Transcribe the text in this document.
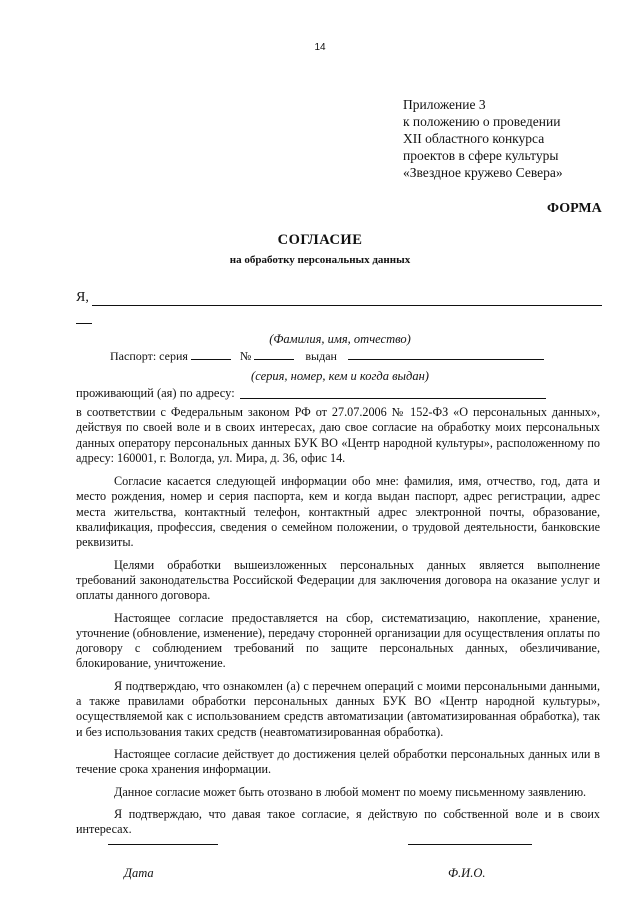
14
Приложение 3
к положению о проведении
XII областного конкурса
проектов в сфере культуры
«Звездное кружево Севера»
ФОРМА
СОГЛАСИЕ
на обработку персональных данных
Я,
(Фамилия, имя, отчество)
Паспорт: серия	№	выдан
(серия, номер, кем и когда выдан)
проживающий (ая) по адресу:

в соответствии с Федеральным законом РФ от 27.07.2006 № 152-ФЗ «О персональных данных», действуя по своей воле и в своих интересах, даю свое согласие на обработку моих персональных данных оператору персональных данных БУК ВО «Центр народной культуры», расположенному по адресу: 160001, г. Вологда, ул. Мира, д. 36, офис 14.

Согласие касается следующей информации обо мне: фамилия, имя, отчество, год, дата и место рождения, номер и серия паспорта, кем и когда выдан паспорт, адрес регистрации, адрес места жительства, контактный телефон, контактный адрес электронной почты, образование, квалификация, профессия, сведения о семейном положении, о трудовой деятельности, банковские реквизиты.

Целями обработки вышеизложенных персональных данных является выполнение требований законодательства Российской Федерации для заключения договора на оказание услуг и оплаты данного договора.

Настоящее согласие предоставляется на сбор, систематизацию, накопление, хранение, уточнение (обновление, изменение), передачу сторонней организации для осуществления оплаты по договору с соблюдением требований по защите персональных данных, обезличивание, блокирование, уничтожение.

Я подтверждаю, что ознакомлен (а) с перечнем операций с моими персональными данными, а также правилами обработки персональных данных БУК ВО «Центр народной культуры», осуществляемой как с использованием средств автоматизации (автоматизированная обработка), так и без использования таких средств (неавтоматизированная обработка).

Настоящее согласие действует до достижения целей обработки персональных данных или в течение срока хранения информации.

Данное согласие может быть отозвано в любой момент по моему письменному заявлению.

Я подтверждаю, что давая такое согласие, я действую по собственной воле и в своих интересах.

Дата	Ф.И.О.
